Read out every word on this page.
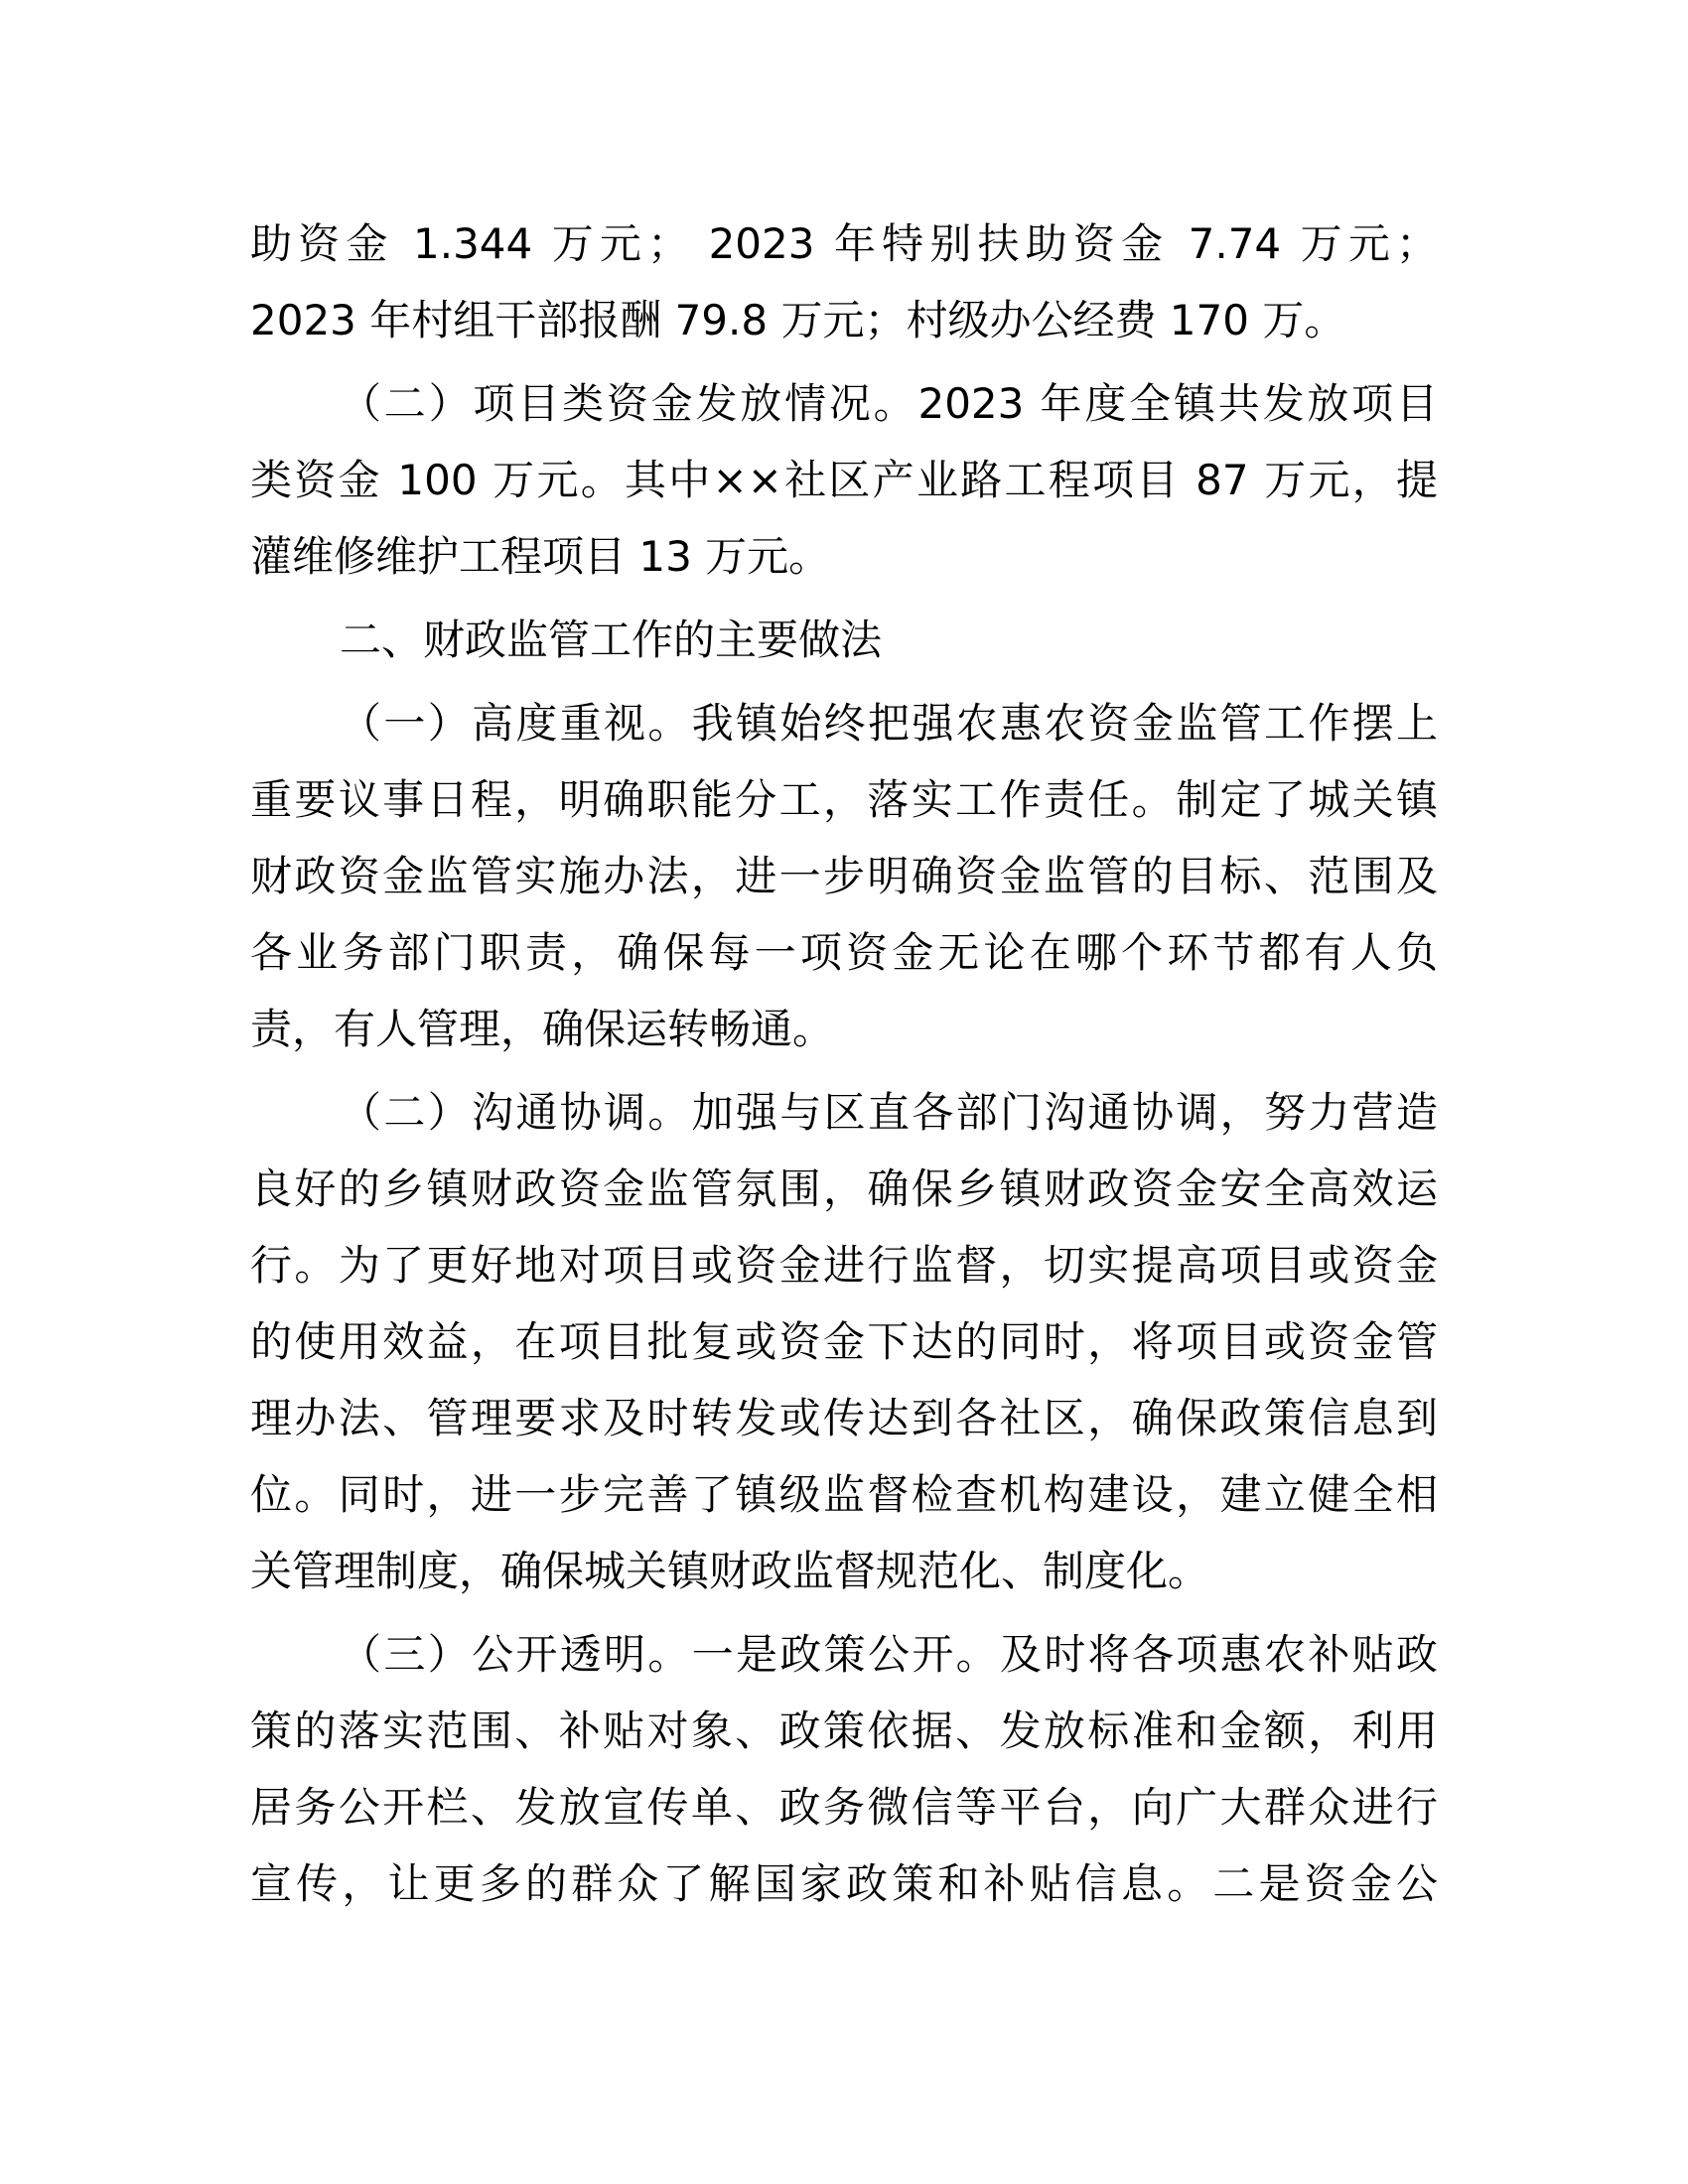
助资金 1.344 万元； 2023 年特别扶助资金 7.74 万元；
2023 年村组干部报酬 79.8 万元；村级办公经费 170 万。

（二）项目类资金发放情况。2023 年度全镇共发放项目
类资金 100 万元。其中××社区产业路工程项目 87 万元，提
灌维修维护工程项目 13 万元。

二、财政监管工作的主要做法

（一）高度重视。我镇始终把强农惠农资金监管工作摆上
重要议事日程，明确职能分工，落实工作责任。制定了城关镇
财政资金监管实施办法，进一步明确资金监管的目标、范围及
各业务部门职责，确保每一项资金无论在哪个环节都有人负
责，有人管理，确保运转畅通。

（二）沟通协调。加强与区直各部门沟通协调，努力营造
良好的乡镇财政资金监管氛围，确保乡镇财政资金安全高效运
行。为了更好地对项目或资金进行监督，切实提高项目或资金
的使用效益，在项目批复或资金下达的同时，将项目或资金管
理办法、管理要求及时转发或传达到各社区，确保政策信息到
位。同时，进一步完善了镇级监督检查机构建设，建立健全相
关管理制度，确保城关镇财政监督规范化、制度化。

（三）公开透明。一是政策公开。及时将各项惠农补贴政
策的落实范围、补贴对象、政策依据、发放标准和金额，利用
居务公开栏、发放宣传单、政务微信等平台，向广大群众进行
宣传，让更多的群众了解国家政策和补贴信息。二是资金公
